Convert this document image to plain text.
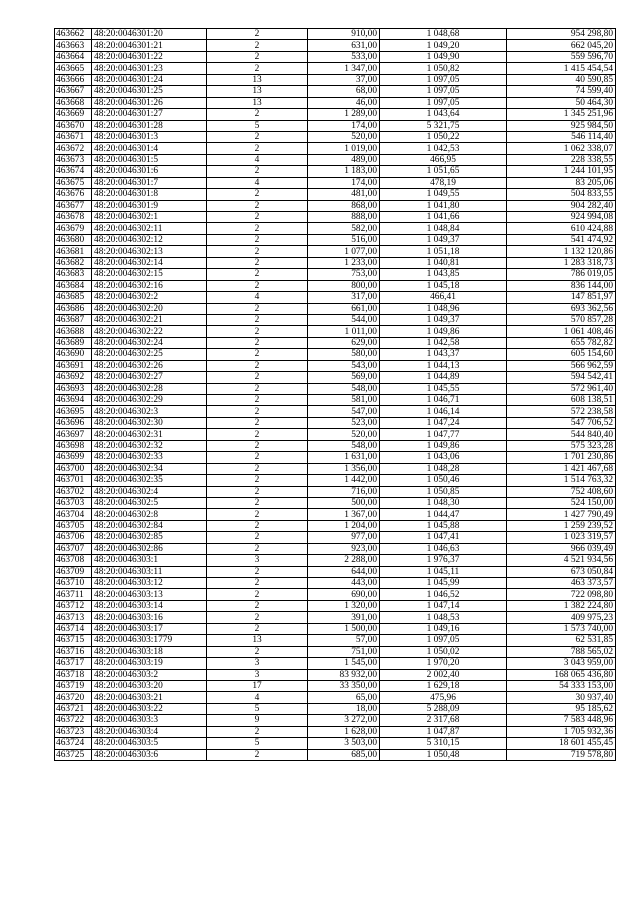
463662	48:20:0046301:20	2	910,00	1 048,68	954 298,80
463663	48:20:0046301:21	2	631,00	1 049,20	662 045,20
463664	48:20:0046301:22	2	533,00	1 049,90	559 596,70
463665	48:20:0046301:23	2	1 347,00	1 050,82	1 415 454,54
463666	48:20:0046301:24	13	37,00	1 097,05	40 590,85
463667	48:20:0046301:25	13	68,00	1 097,05	74 599,40
463668	48:20:0046301:26	13	46,00	1 097,05	50 464,30
463669	48:20:0046301:27	2	1 289,00	1 043,64	1 345 251,96
463670	48:20:0046301:28	5	174,00	5 321,75	925 984,50
463671	48:20:0046301:3	2	520,00	1 050,22	546 114,40
463672	48:20:0046301:4	2	1 019,00	1 042,53	1 062 338,07
463673	48:20:0046301:5	4	489,00	466,95	228 338,55
463674	48:20:0046301:6	2	1 183,00	1 051,65	1 244 101,95
463675	48:20:0046301:7	4	174,00	478,19	83 205,06
463676	48:20:0046301:8	2	481,00	1 049,55	504 833,55
463677	48:20:0046301:9	2	868,00	1 041,80	904 282,40
463678	48:20:0046302:1	2	888,00	1 041,66	924 994,08
463679	48:20:0046302:11	2	582,00	1 048,84	610 424,88
463680	48:20:0046302:12	2	516,00	1 049,37	541 474,92
463681	48:20:0046302:13	2	1 077,00	1 051,18	1 132 120,86
463682	48:20:0046302:14	2	1 233,00	1 040,81	1 283 318,73
463683	48:20:0046302:15	2	753,00	1 043,85	786 019,05
463684	48:20:0046302:16	2	800,00	1 045,18	836 144,00
463685	48:20:0046302:2	4	317,00	466,41	147 851,97
463686	48:20:0046302:20	2	661,00	1 048,96	693 362,56
463687	48:20:0046302:21	2	544,00	1 049,37	570 857,28
463688	48:20:0046302:22	2	1 011,00	1 049,86	1 061 408,46
463689	48:20:0046302:24	2	629,00	1 042,58	655 782,82
463690	48:20:0046302:25	2	580,00	1 043,37	605 154,60
463691	48:20:0046302:26	2	543,00	1 044,13	566 962,59
463692	48:20:0046302:27	2	569,00	1 044,89	594 542,41
463693	48:20:0046302:28	2	548,00	1 045,55	572 961,40
463694	48:20:0046302:29	2	581,00	1 046,71	608 138,51
463695	48:20:0046302:3	2	547,00	1 046,14	572 238,58
463696	48:20:0046302:30	2	523,00	1 047,24	547 706,52
463697	48:20:0046302:31	2	520,00	1 047,77	544 840,40
463698	48:20:0046302:32	2	548,00	1 049,86	575 323,28
463699	48:20:0046302:33	2	1 631,00	1 043,06	1 701 230,86
463700	48:20:0046302:34	2	1 356,00	1 048,28	1 421 467,68
463701	48:20:0046302:35	2	1 442,00	1 050,46	1 514 763,32
463702	48:20:0046302:4	2	716,00	1 050,85	752 408,60
463703	48:20:0046302:5	2	500,00	1 048,30	524 150,00
463704	48:20:0046302:8	2	1 367,00	1 044,47	1 427 790,49
463705	48:20:0046302:84	2	1 204,00	1 045,88	1 259 239,52
463706	48:20:0046302:85	2	977,00	1 047,41	1 023 319,57
463707	48:20:0046302:86	2	923,00	1 046,63	966 039,49
463708	48:20:0046303:1	3	2 288,00	1 976,37	4 521 934,56
463709	48:20:0046303:11	2	644,00	1 045,11	673 050,84
463710	48:20:0046303:12	2	443,00	1 045,99	463 373,57
463711	48:20:0046303:13	2	690,00	1 046,52	722 098,80
463712	48:20:0046303:14	2	1 320,00	1 047,14	1 382 224,80
463713	48:20:0046303:16	2	391,00	1 048,53	409 975,23
463714	48:20:0046303:17	2	1 500,00	1 049,16	1 573 740,00
463715	48:20:0046303:1779	13	57,00	1 097,05	62 531,85
463716	48:20:0046303:18	2	751,00	1 050,02	788 565,02
463717	48:20:0046303:19	3	1 545,00	1 970,20	3 043 959,00
463718	48:20:0046303:2	3	83 932,00	2 002,40	168 065 436,80
463719	48:20:0046303:20	17	33 350,00	1 629,18	54 333 153,00
463720	48:20:0046303:21	4	65,00	475,96	30 937,40
463721	48:20:0046303:22	5	18,00	5 288,09	95 185,62
463722	48:20:0046303:3	9	3 272,00	2 317,68	7 583 448,96
463723	48:20:0046303:4	2	1 628,00	1 047,87	1 705 932,36
463724	48:20:0046303:5	5	3 503,00	5 310,15	18 601 455,45
463725	48:20:0046303:6	2	685,00	1 050,48	719 578,80
